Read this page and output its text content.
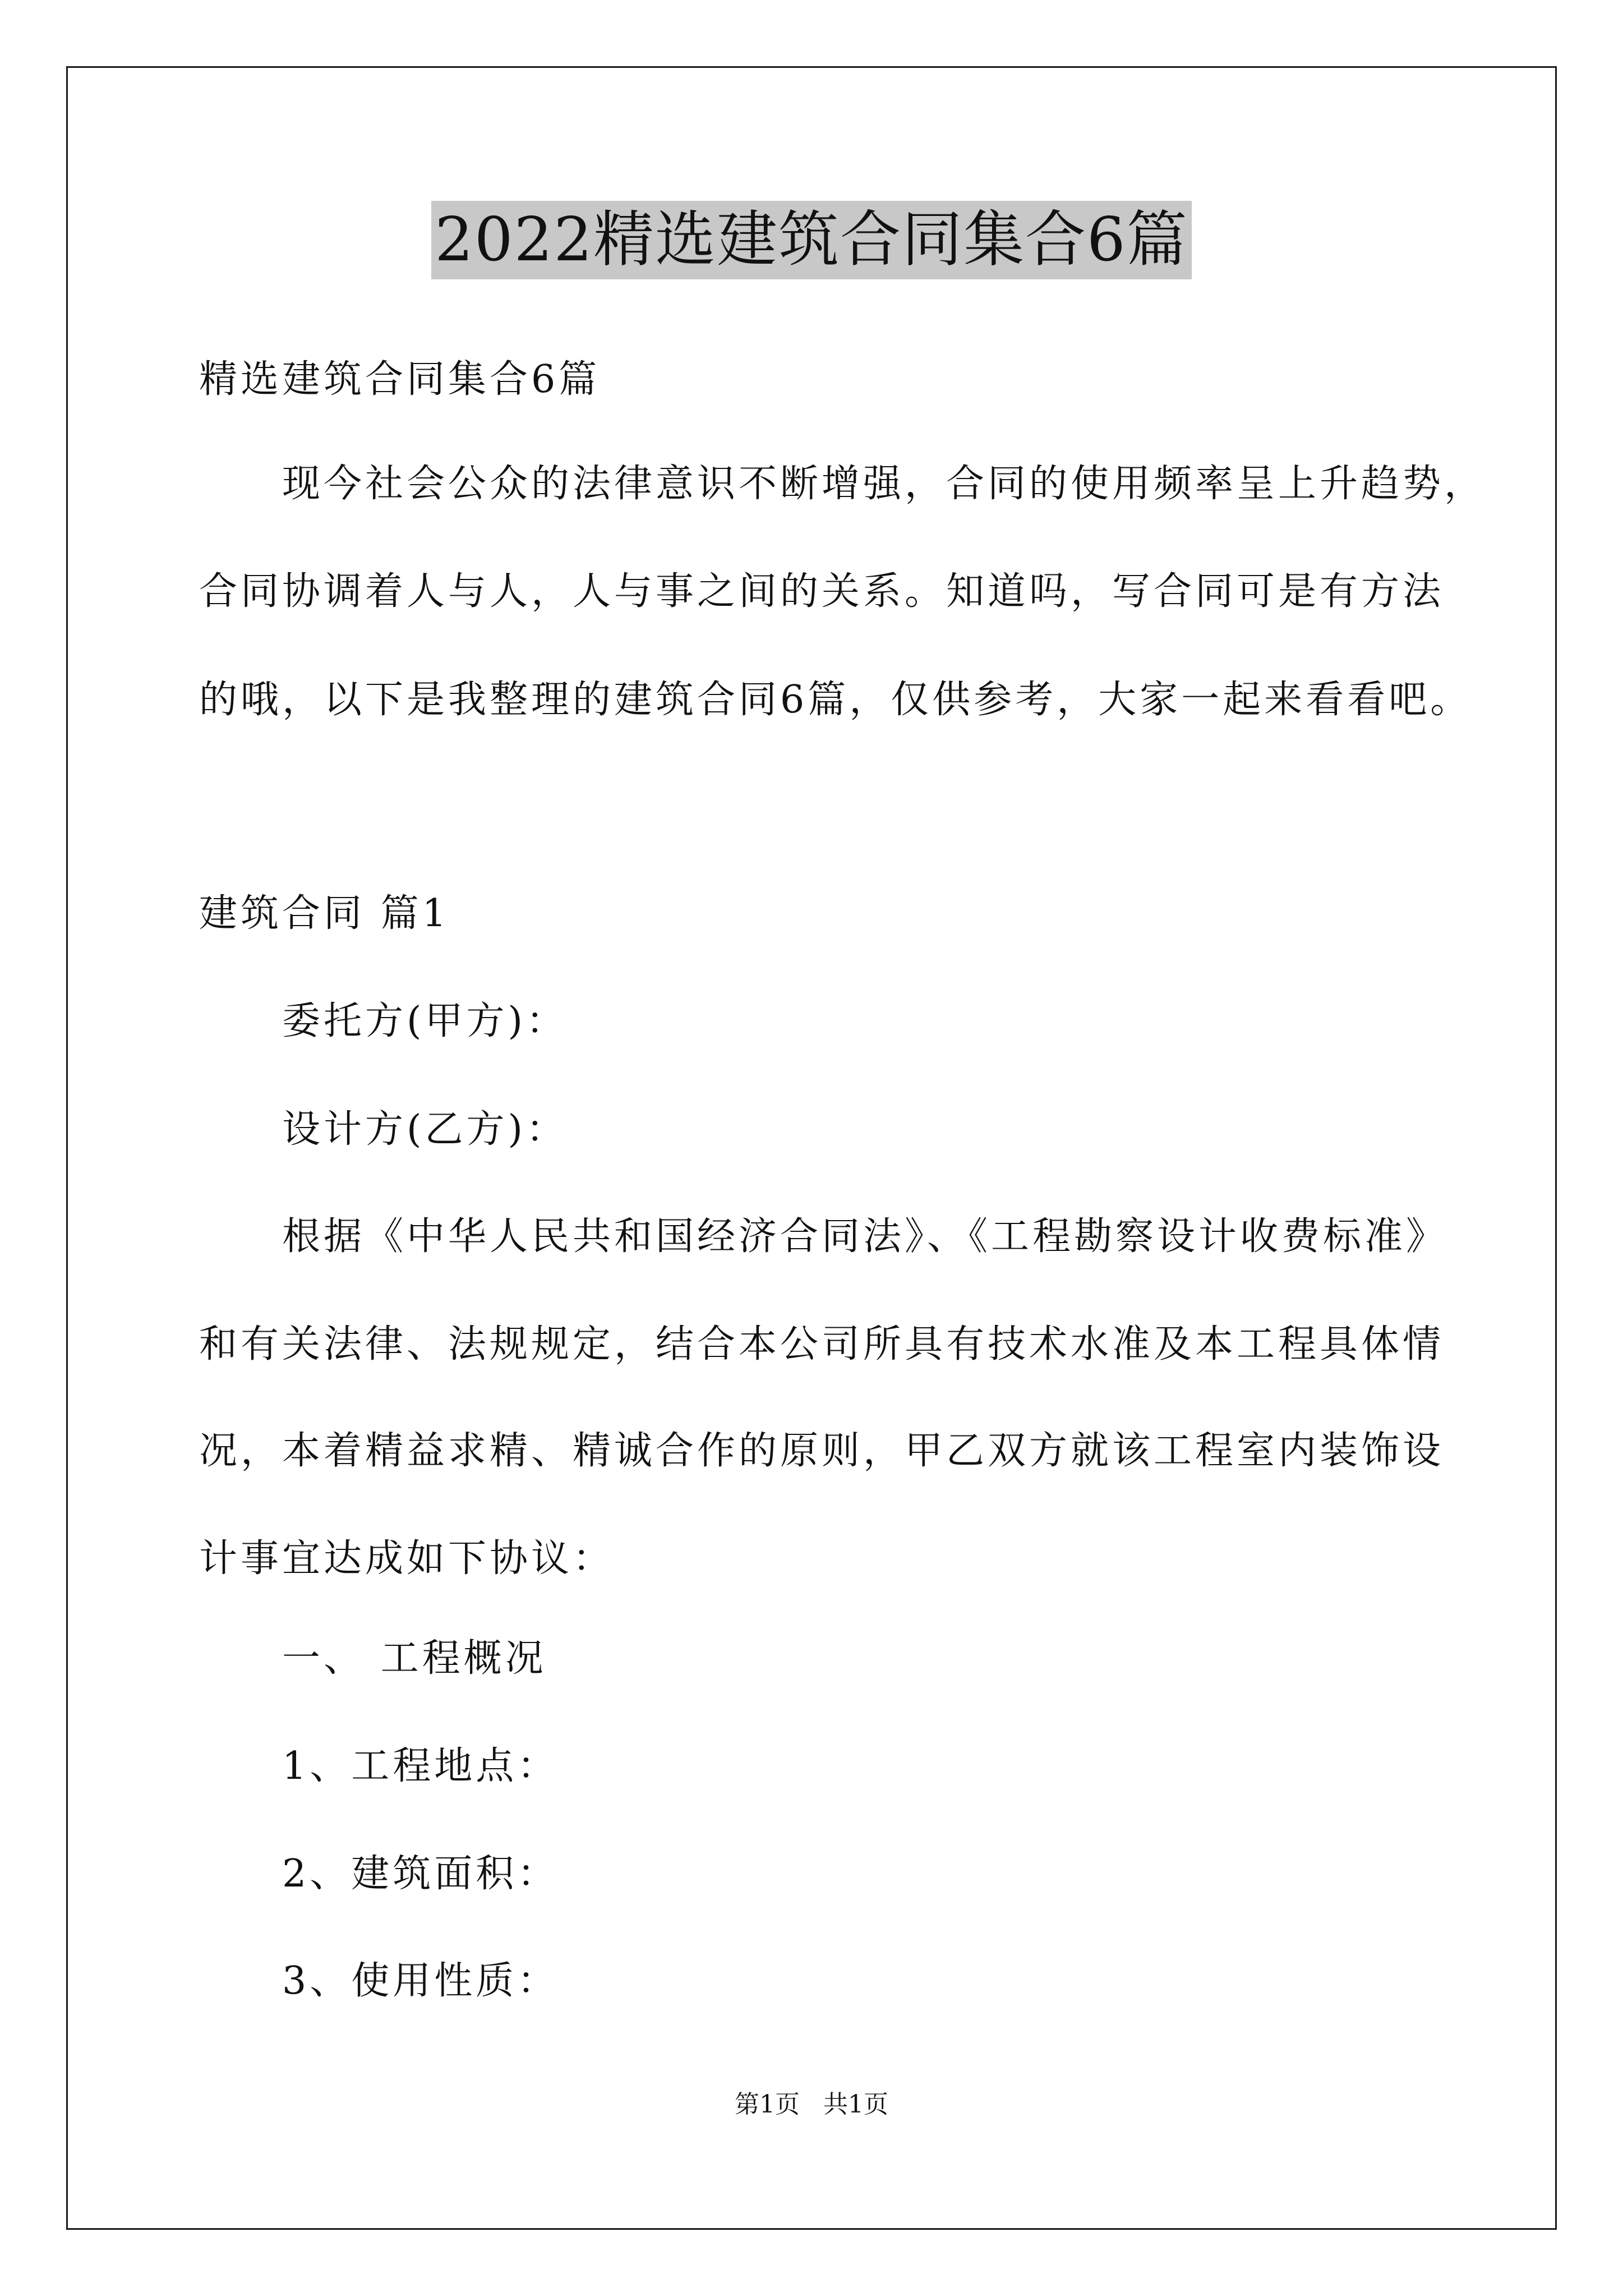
2022精选建筑合同集合6篇
精选建筑合同集合6篇
现今社会公众的法律意识不断增强，合同的使用频率呈上升趋势，
合同协调着人与人，人与事之间的关系。知道吗，写合同可是有方法
的哦，以下是我整理的建筑合同6篇，仅供参考，大家一起来看看吧。
建筑合同 篇1
委托方(甲方)：
设计方(乙方)：
根据《中华人民共和国经济合同法》、《工程勘察设计收费标准》
和有关法律、法规规定，结合本公司所具有技术水准及本工程具体情
况，本着精益求精、精诚合作的原则，甲乙双方就该工程室内装饰设
计事宜达成如下协议：
一、 工程概况
1、工程地点：
2、建筑面积：
3、使用性质：
第1页   共1页
